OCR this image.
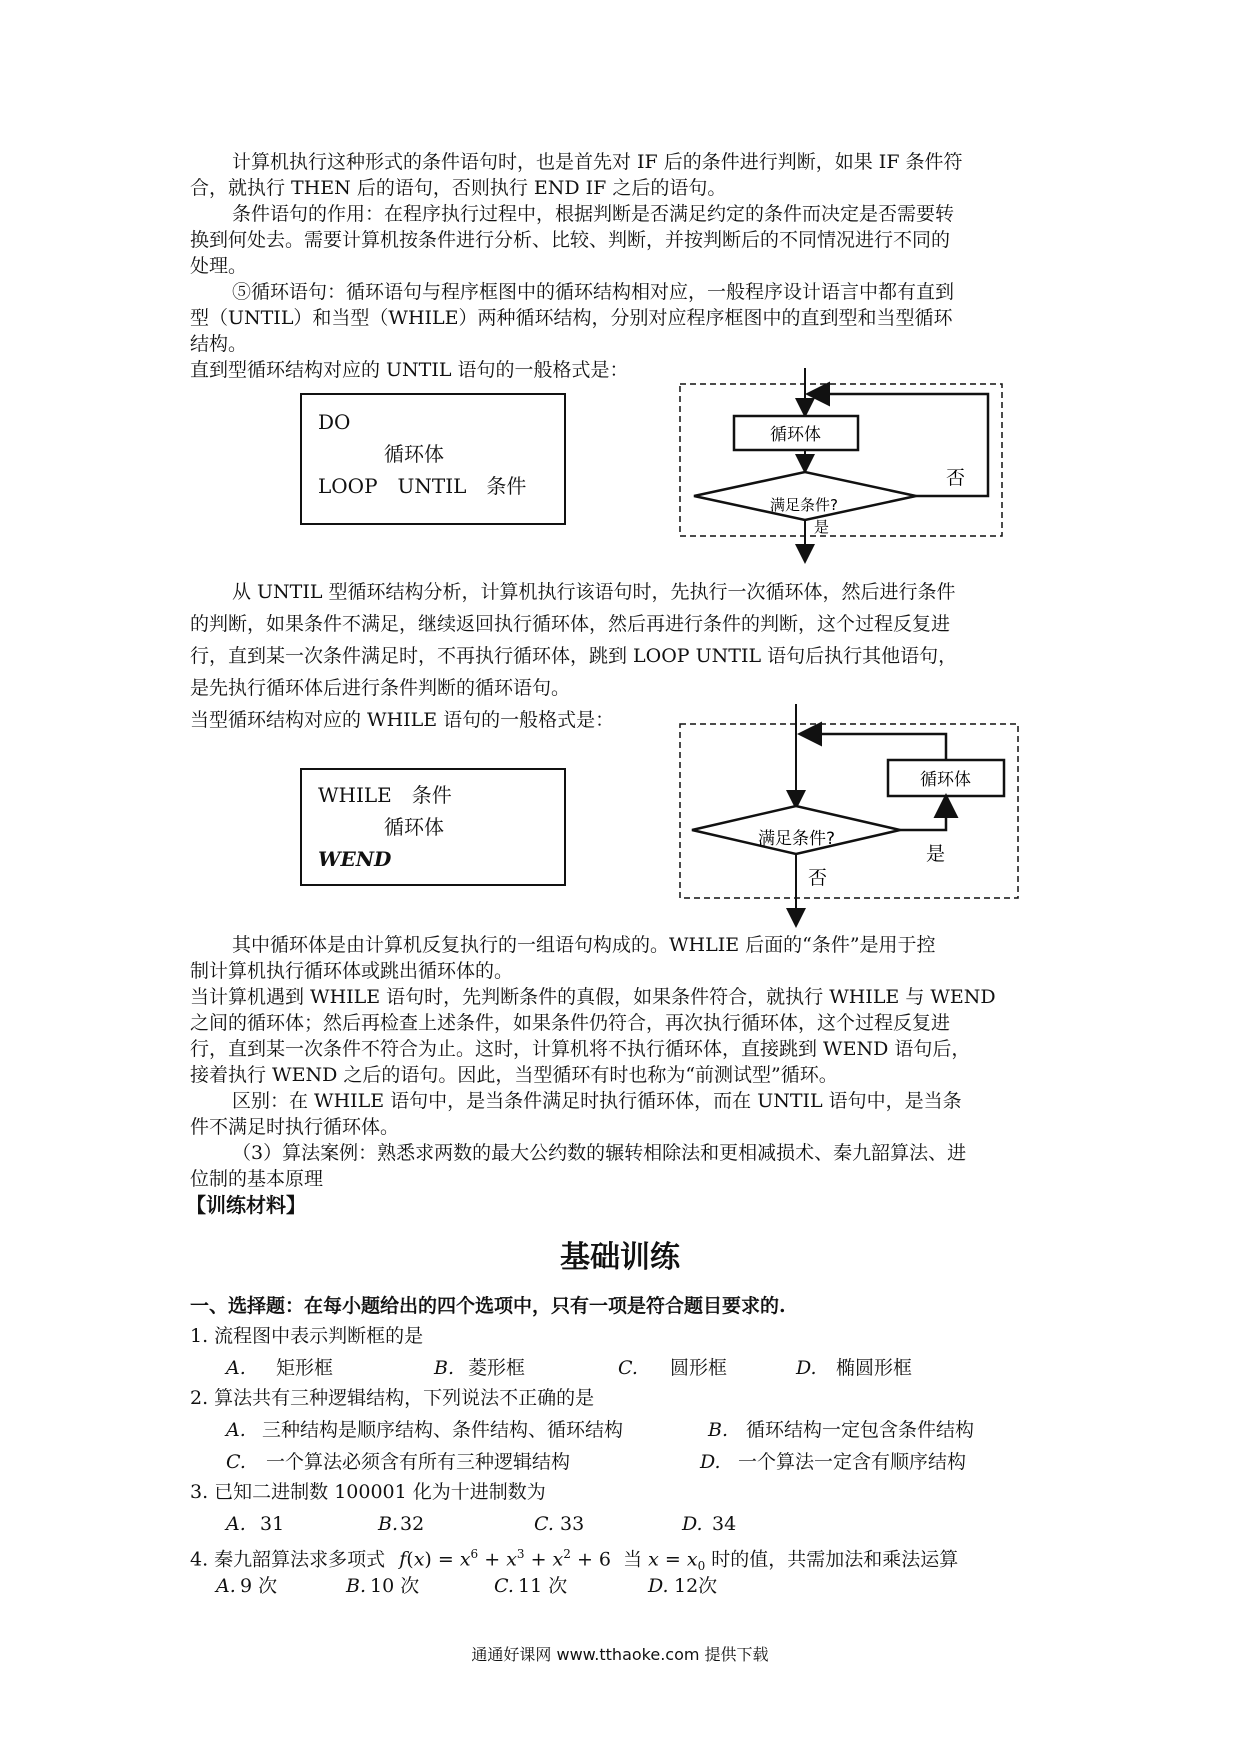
计算机执行这种形式的条件语句时，也是首先对 IF 后的条件进行判断，如果 IF 条件符
合，就执行 THEN 后的语句，否则执行 END IF 之后的语句。
条件语句的作用：在程序执行过程中，根据判断是否满足约定的条件而决定是否需要转
换到何处去。需要计算机按条件进行分析、比较、判断，并按判断后的不同情况进行不同的
处理。
⑤循环语句：循环语句与程序框图中的循环结构相对应，一般程序设计语言中都有直到
型（UNTIL）和当型（WHILE）两种循环结构，分别对应程序框图中的直到型和当型循环
结构。
直到型循环结构对应的 UNTIL 语句的一般格式是：
DO
循环体
LOOP　UNTIL　条件
循环体
满足条件?
否
是
从 UNTIL 型循环结构分析，计算机执行该语句时，先执行一次循环体，然后进行条件
的判断，如果条件不满足，继续返回执行循环体，然后再进行条件的判断，这个过程反复进
行，直到某一次条件满足时，不再执行循环体，跳到 LOOP UNTIL 语句后执行其他语句，
是先执行循环体后进行条件判断的循环语句。
当型循环结构对应的 WHILE 语句的一般格式是：
WHILE　条件
循环体
WEND
满足条件?
循环体
是
否
其中循环体是由计算机反复执行的一组语句构成的。WHLIE 后面的“条件”是用于控
制计算机执行循环体或跳出循环体的。
当计算机遇到 WHILE 语句时，先判断条件的真假，如果条件符合，就执行 WHILE 与 WEND
之间的循环体；然后再检查上述条件，如果条件仍符合，再次执行循环体，这个过程反复进
行，直到某一次条件不符合为止。这时，计算机将不执行循环体，直接跳到 WEND 语句后，
接着执行 WEND 之后的语句。因此，当型循环有时也称为“前测试型”循环。
区别：在 WHILE 语句中，是当条件满足时执行循环体，而在 UNTIL 语句中，是当条
件不满足时执行循环体。
（3）算法案例：熟悉求两数的最大公约数的辗转相除法和更相减损术、秦九韶算法、进
位制的基本原理
【训练材料】
基础训练
一、选择题：在每小题给出的四个选项中，只有一项是符合题目要求的.
1. 流程图中表示判断框的是
A. 矩形框	B. 菱形框	C. 圆形框	D. 椭圆形框
2. 算法共有三种逻辑结构，下列说法不正确的是
A. 三种结构是顺序结构、条件结构、循环结构	B. 循环结构一定包含条件结构
C. 一个算法必须含有所有三种逻辑结构	D. 一个算法一定含有顺序结构
3. 已知二进制数 100001 化为十进制数为
A. 31	B. 32	C. 33	D. 34
4. 秦九韶算法求多项式 $f(x) = x^6 + x^3 + x^2 + 6$  当 $x = x_0$ 时的值，共需加法和乘法运算
A. 9 次	B. 10 次	C. 11 次	D. 12次
通通好课网 www.tthaoke.com 提供下载
